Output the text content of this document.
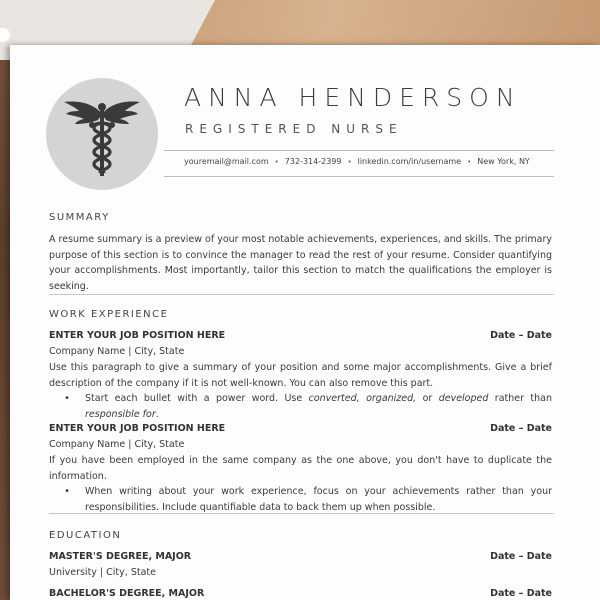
ANNA HENDERSON
REGISTERED NURSE
youremail@mail.com • 732-314-2399 • linkedin.com/in/username • New York, NY
SUMMARY
A resume summary is a preview of your most notable achievements, experiences, and skills. The primary purpose of this section is to convince the manager to read the rest of your resume. Consider quantifying your accomplishments. Most importantly, tailor this section to match the qualifications the employer is seeking.
WORK EXPERIENCE
ENTER YOUR JOB POSITION HERE	Date – Date
Company Name | City, State
Use this paragraph to give a summary of your position and some major accomplishments. Give a brief description of the company if it is not well-known. You can also remove this part.
•	Start each bullet with a power word. Use converted, organized, or developed rather than responsible for.
ENTER YOUR JOB POSITION HERE	Date – Date
Company Name | City, State
If you have been employed in the same company as the one above, you don't have to duplicate the information.
•	When writing about your work experience, focus on your achievements rather than your responsibilities. Include quantifiable data to back them up when possible.
EDUCATION
MASTER'S DEGREE, MAJOR	Date – Date
University | City, State
BACHELOR'S DEGREE, MAJOR	Date – Date
